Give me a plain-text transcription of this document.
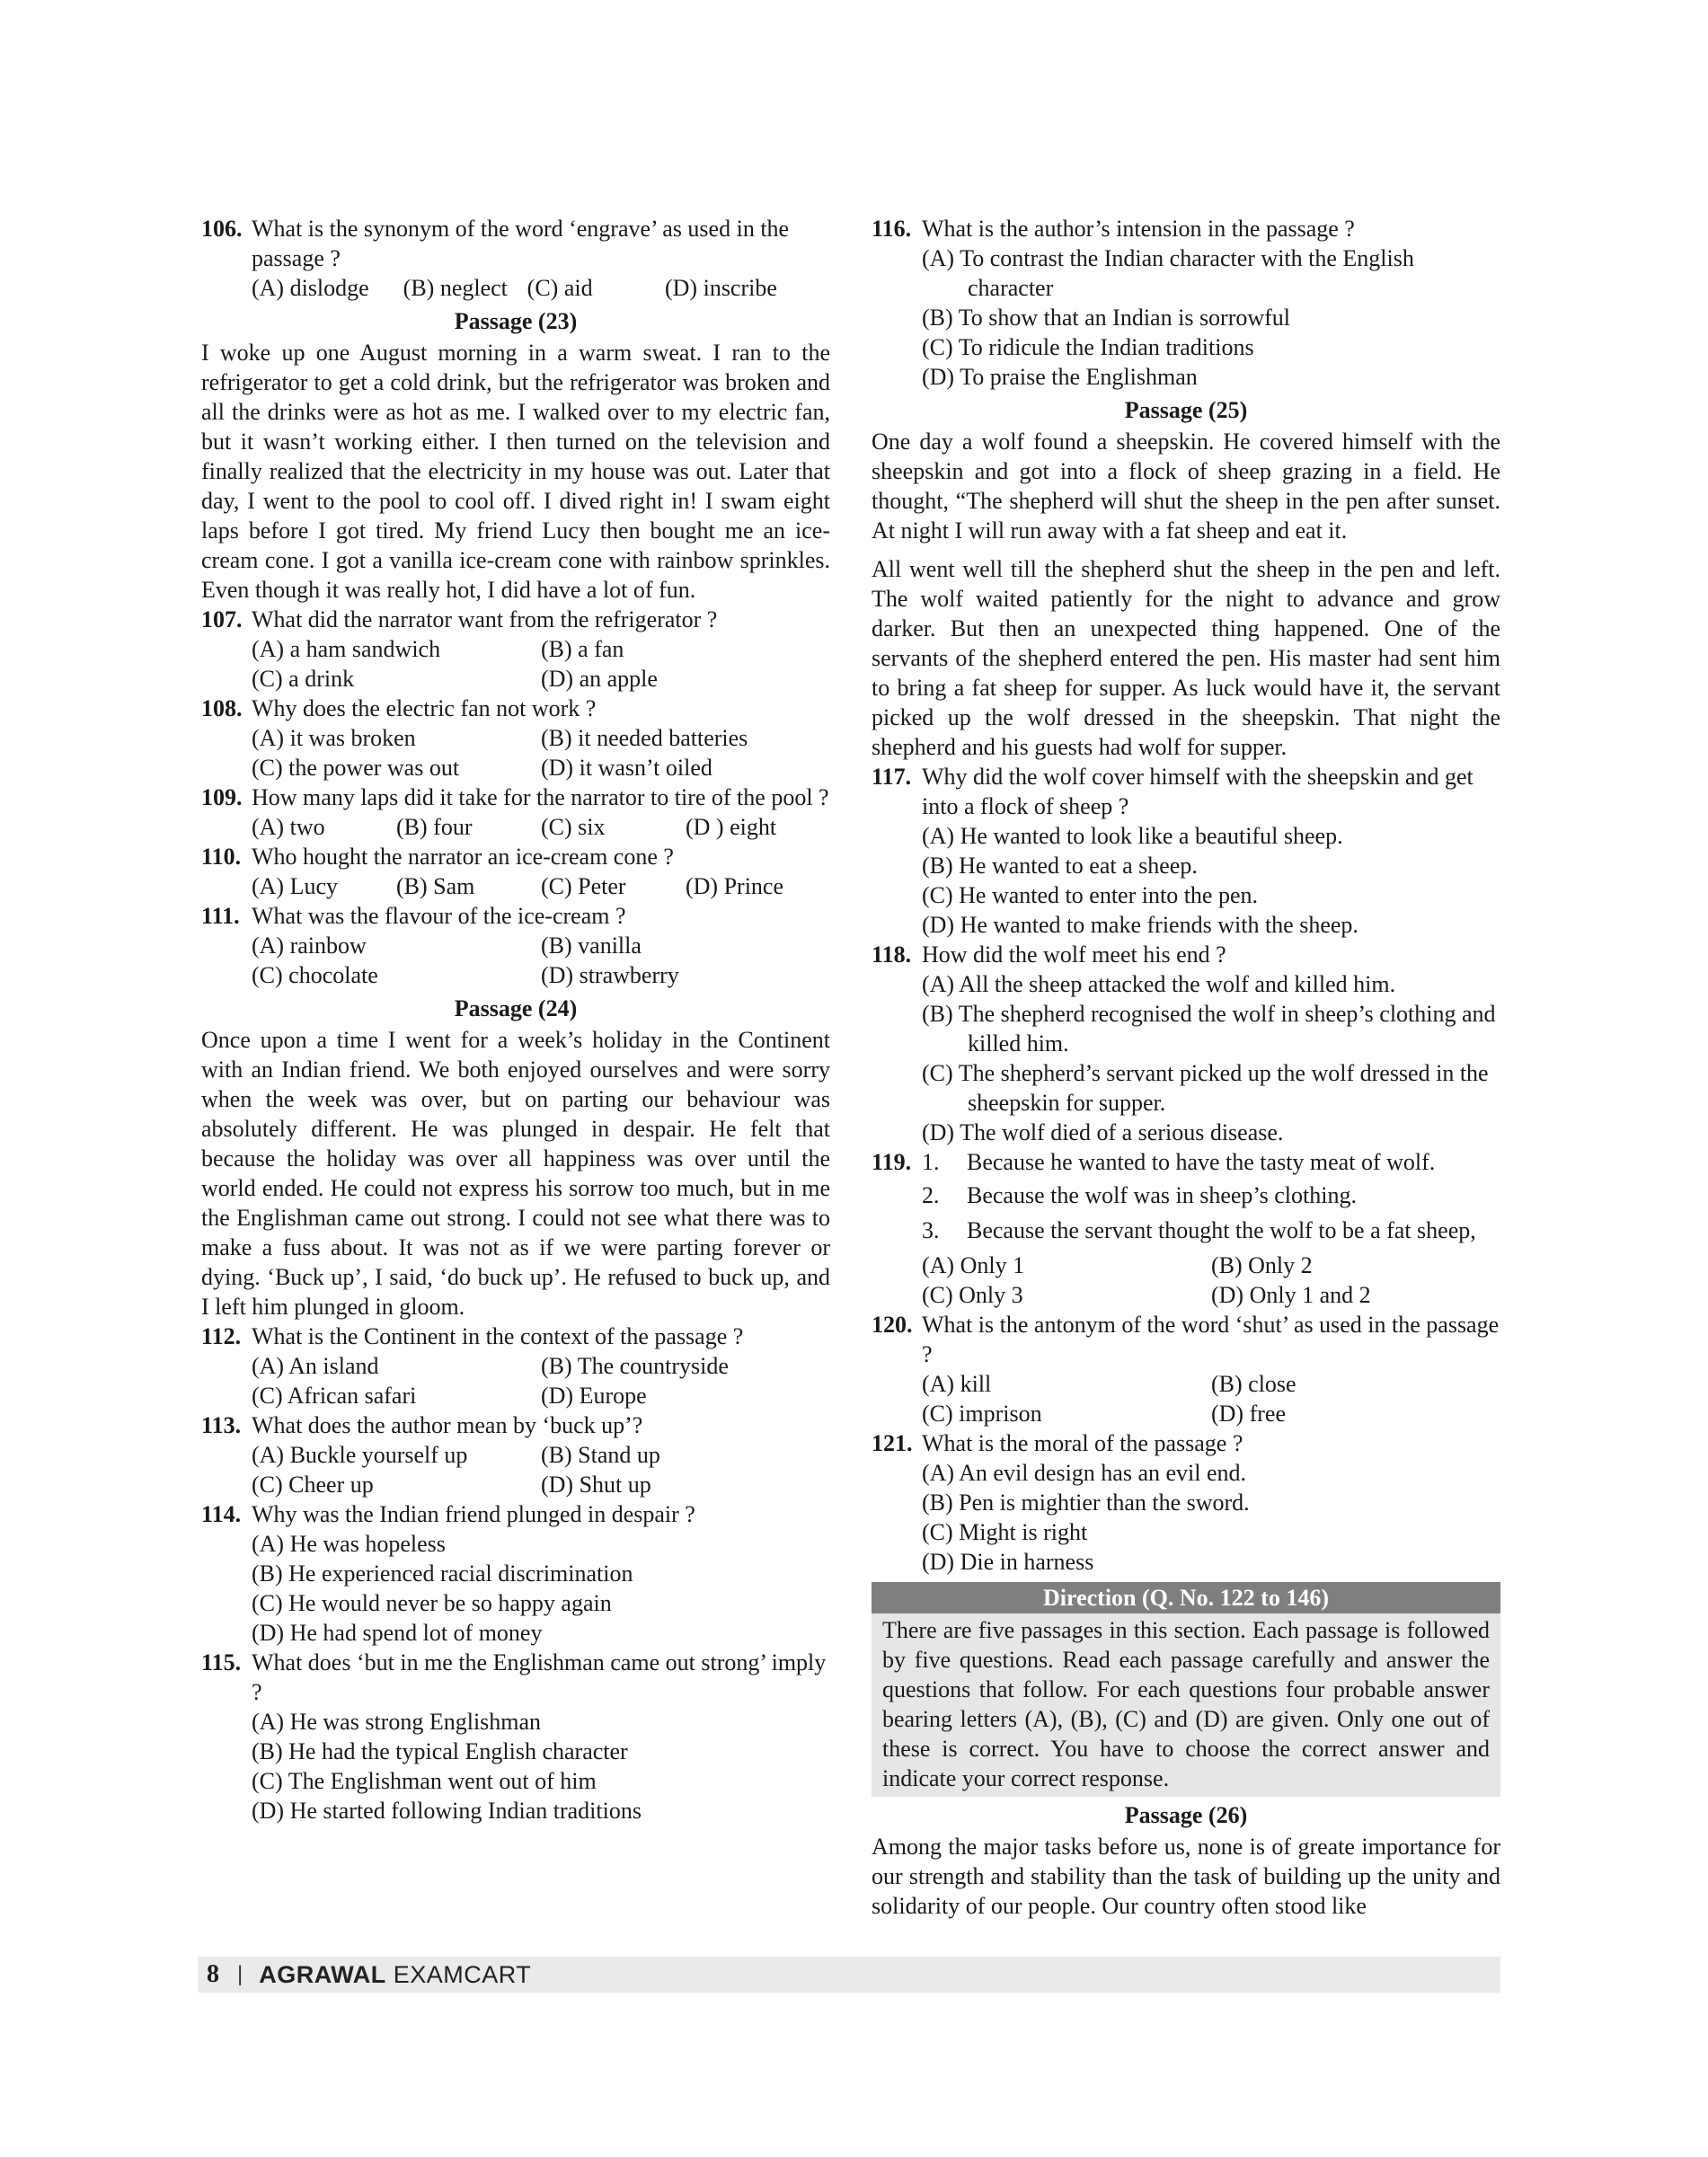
106. What is the synonym of the word ‘engrave’ as used in the passage ?
(A) dislodge	(B) neglect (C) aid	(D) inscribe
Passage (23)

I woke up one August morning in a warm sweat. I ran to the refrigerator to get a cold drink, but the refrigerator was broken and all the drinks were as hot as me. I walked over to my electric fan, but it wasn’t working either. I then turned on the television and finally realized that the electricity in my house was out. Later that day, I went to the pool to cool off. I dived right in! I swam eight laps before I got tired. My friend Lucy then bought me an ice-cream cone. I got a vanilla ice-cream cone with rainbow sprinkles. Even though it was really hot, I did have a lot of fun.

107. What did the narrator want from the refrigerator ?
(A) a ham sandwich	(B) a fan
(C) a drink	(D) an apple
108. Why does the electric fan not work ?
(A) it was broken	(B) it needed batteries
(C) the power was out	(D) it wasn’t oiled
109. How many laps did it take for the narrator to tire of the pool ?
(A) two	(B) four	(C) six	(D ) eight
110. Who hought the narrator an ice-cream cone ?
(A) Lucy	(B) Sam	(C) Peter	(D) Prince
111. What was the flavour of the ice-cream ?
(A) rainbow	(B) vanilla
(C) chocolate	(D) strawberry
Passage (24)

Once upon a time I went for a week’s holiday in the Continent with an Indian friend. We both enjoyed ourselves and were sorry when the week was over, but on parting our behaviour was absolutely different. He was plunged in despair. He felt that because the holiday was over all happiness was over until the world ended. He could not express his sorrow too much, but in me the Englishman came out strong. I could not see what there was to make a fuss about. It was not as if we were parting forever or dying. ‘Buck up’, I said, ‘do buck up’. He refused to buck up, and I left him plunged in gloom.

112. What is the Continent in the context of the passage ?
(A) An island	(B) The countryside
(C) African safari	(D) Europe
113. What does the author mean by ‘buck up’?
(A) Buckle yourself up	(B) Stand up
(C) Cheer up	(D) Shut up
114. Why was the Indian friend plunged in despair ?
(A) He was hopeless
(B) He experienced racial discrimination
(C) He would never be so happy again
(D) He had spend lot of money
115. What does ‘but in me the Englishman came out strong’ imply ?
(A) He was strong Englishman
(B) He had the typical English character
(C) The Englishman went out of him
(D) He started following Indian traditions
116. What is the author’s intension in the passage ?
(A) To contrast the Indian character with the English character
(B) To show that an Indian is sorrowful
(C) To ridicule the Indian traditions
(D) To praise the Englishman
Passage (25)

One day a wolf found a sheepskin. He covered himself with the sheepskin and got into a flock of sheep grazing in a field. He thought, “The shepherd will shut the sheep in the pen after sunset. At night I will run away with a fat sheep and eat it.

All went well till the shepherd shut the sheep in the pen and left. The wolf waited patiently for the night to advance and grow darker. But then an unexpected thing happened. One of the servants of the shepherd entered the pen. His master had sent him to bring a fat sheep for supper. As luck would have it, the servant picked up the wolf dressed in the sheepskin. That night the shepherd and his guests had wolf for supper.

117. Why did the wolf cover himself with the sheepskin and get into a flock of sheep ?
(A) He wanted to look like a beautiful sheep.
(B) He wanted to eat a sheep.
(C) He wanted to enter into the pen.
(D) He wanted to make friends with the sheep.
118. How did the wolf meet his end ?
(A) All the sheep attacked the wolf and killed him.
(B) The shepherd recognised the wolf in sheep’s clothing and killed him.
(C) The shepherd’s servant picked up the wolf dressed in the sheepskin for supper.
(D) The wolf died of a serious disease.
119. 1. Because he wanted to have the tasty meat of wolf.
2.	Because the wolf was in sheep’s clothing.
3.	Because the servant thought the wolf to be a fat sheep,
(A) Only 1	(B) Only 2
(C) Only 3	(D) Only 1 and 2
120. What is the antonym of the word ‘shut’ as used in the passage ?
(A) kill	(B) close
(C) imprison	(D) free
121. What is the moral of the passage ?
(A) An evil design has an evil end.
(B) Pen is mightier than the sword.
(C) Might is right
(D) Die in harness
Direction (Q. No. 122 to 146)
There are five passages in this section. Each passage is followed by five questions. Read each passage carefully and answer the questions that follow. For each questions four probable answer bearing letters (A), (B), (C) and (D) are given. Only one out of these is correct. You have to choose the correct answer and indicate your correct response.
Passage (26)

Among the major tasks before us, none is of greate importance for our strength and stability than the task of building up the unity and solidarity of our people. Our country often stood like

8 | AGRAWAL EXAMCART
